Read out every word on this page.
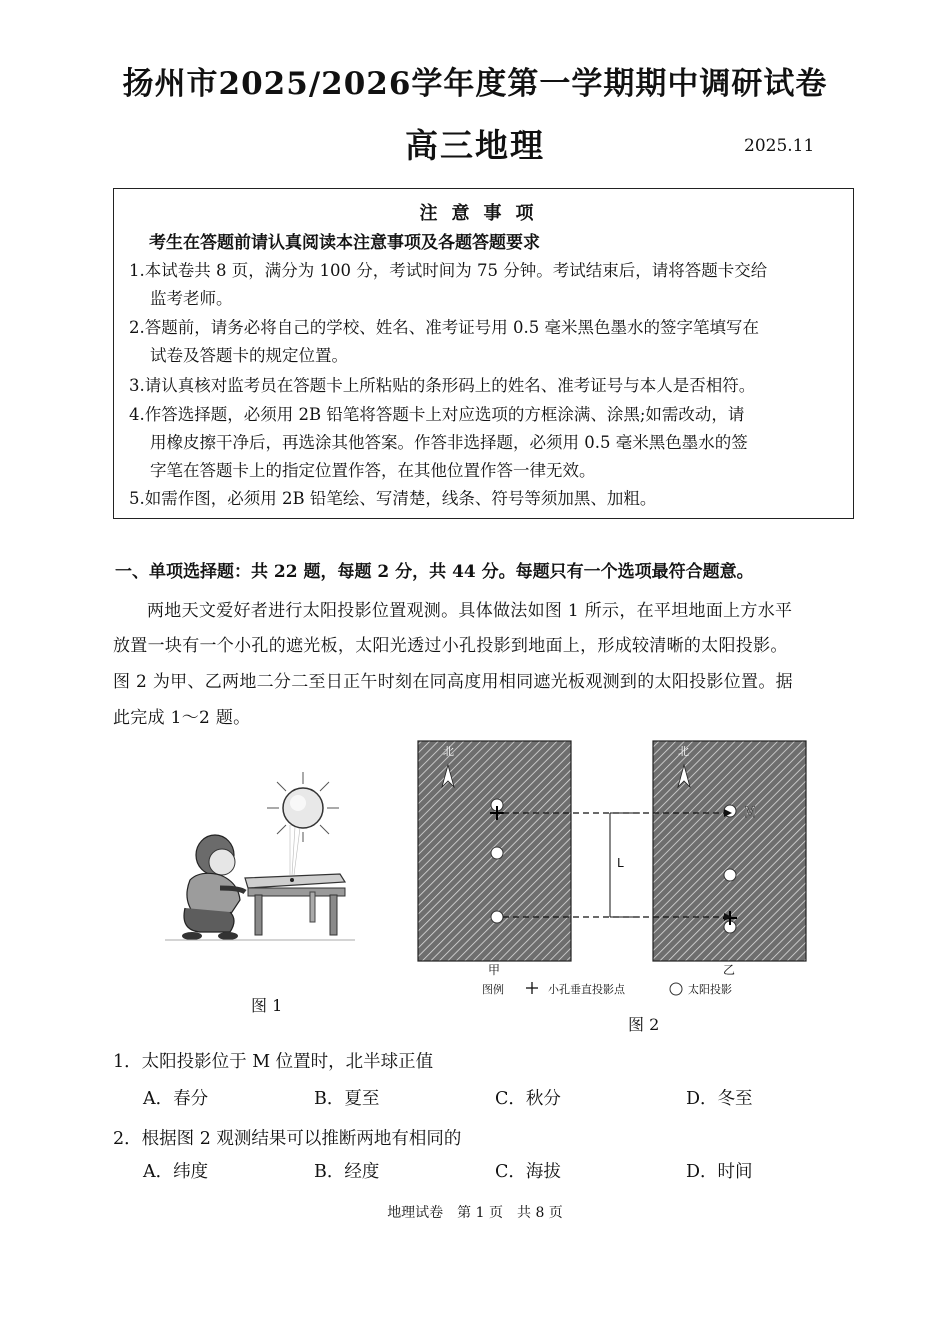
扬州市2025/2026学年度第一学期期中调研试卷
高三地理	2025.11
注意事项
考生在答题前请认真阅读本注意事项及各题答题要求
1.本试卷共 8 页，满分为 100 分，考试时间为 75 分钟。考试结束后，请将答题卡交给
监考老师。
2.答题前，请务必将自己的学校、姓名、准考证号用 0.5 毫米黑色墨水的签字笔填写在
试卷及答题卡的规定位置。
3.请认真核对监考员在答题卡上所粘贴的条形码上的姓名、准考证号与本人是否相符。
4.作答选择题，必须用 2B 铅笔将答题卡上对应选项的方框涂满、涂黑;如需改动，请
用橡皮擦干净后，再选涂其他答案。作答非选择题，必须用 0.5 毫米黑色墨水的签
字笔在答题卡上的指定位置作答，在其他位置作答一律无效。
5.如需作图，必须用 2B 铅笔绘、写清楚，线条、符号等须加黑、加粗。
一、单项选择题：共 22 题，每题 2 分，共 44 分。每题只有一个选项最符合题意。
两地天文爱好者进行太阳投影位置观测。具体做法如图 1 所示，在平坦地面上方水平
放置一块有一个小孔的遮光板，太阳光透过小孔投影到地面上，形成较清晰的太阳投影。
图 2 为甲、乙两地二分二至日正午时刻在同高度用相同遮光板观测到的太阳投影位置。据
此完成 1～2 题。
图 1
北	北
L
M
甲	乙
图例	小孔垂直投影点	太阳投影
图 2
1．太阳投影位于 M 位置时，北半球正值
A．春分	B．夏至	C．秋分	D．冬至
2．根据图 2 观测结果可以推断两地有相同的
A．纬度	B．经度	C．海拔	D．时间
地理试卷　第 1 页　共 8 页
